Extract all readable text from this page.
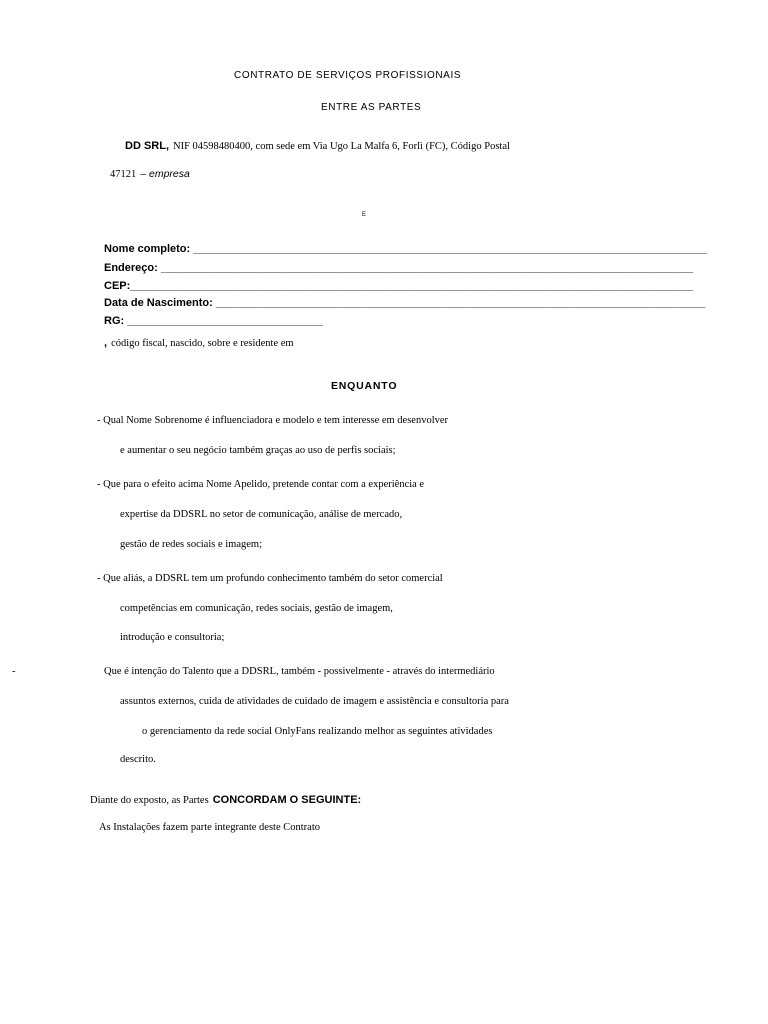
CONTRATO DE SERVIÇOS PROFISSIONAIS
ENTRE AS PARTES
DD SRL, NIF 04598480400, com sede em Via Ugo La Malfa 6, Forlì (FC), Código Postal
47121 – empresa
E
Nome completo: ____________________________________________________________________________________
Endereço: _______________________________________________________________________________________
CEP:____________________________________________________________________________________________
Data de Nascimento: ________________________________________________________________________________
RG: ________________________________
, código fiscal, nascido, sobre e residente em
ENQUANTO
- Qual Nome Sobrenome é influenciadora e modelo e tem interesse em desenvolver
e aumentar o seu negócio também graças ao uso de perfis sociais;
- Que para o efeito acima Nome Apelido, pretende contar com a experiência e
expertise da DDSRL no setor de comunicação, análise de mercado,
gestão de redes sociais e imagem;
- Que aliás, a DDSRL tem um profundo conhecimento também do setor comercial
competências em comunicação, redes sociais, gestão de imagem,
introdução e consultoria;
-	Que é intenção do Talento que a DDSRL, também - possivelmente - através do intermediário
assuntos externos, cuida de atividades de cuidado de imagem e assistência e consultoria para
o gerenciamento da rede social OnlyFans realizando melhor as seguintes atividades
descrito.
Diante do exposto, as Partes CONCORDAM O SEGUINTE:
As Instalações fazem parte integrante deste Contrato
